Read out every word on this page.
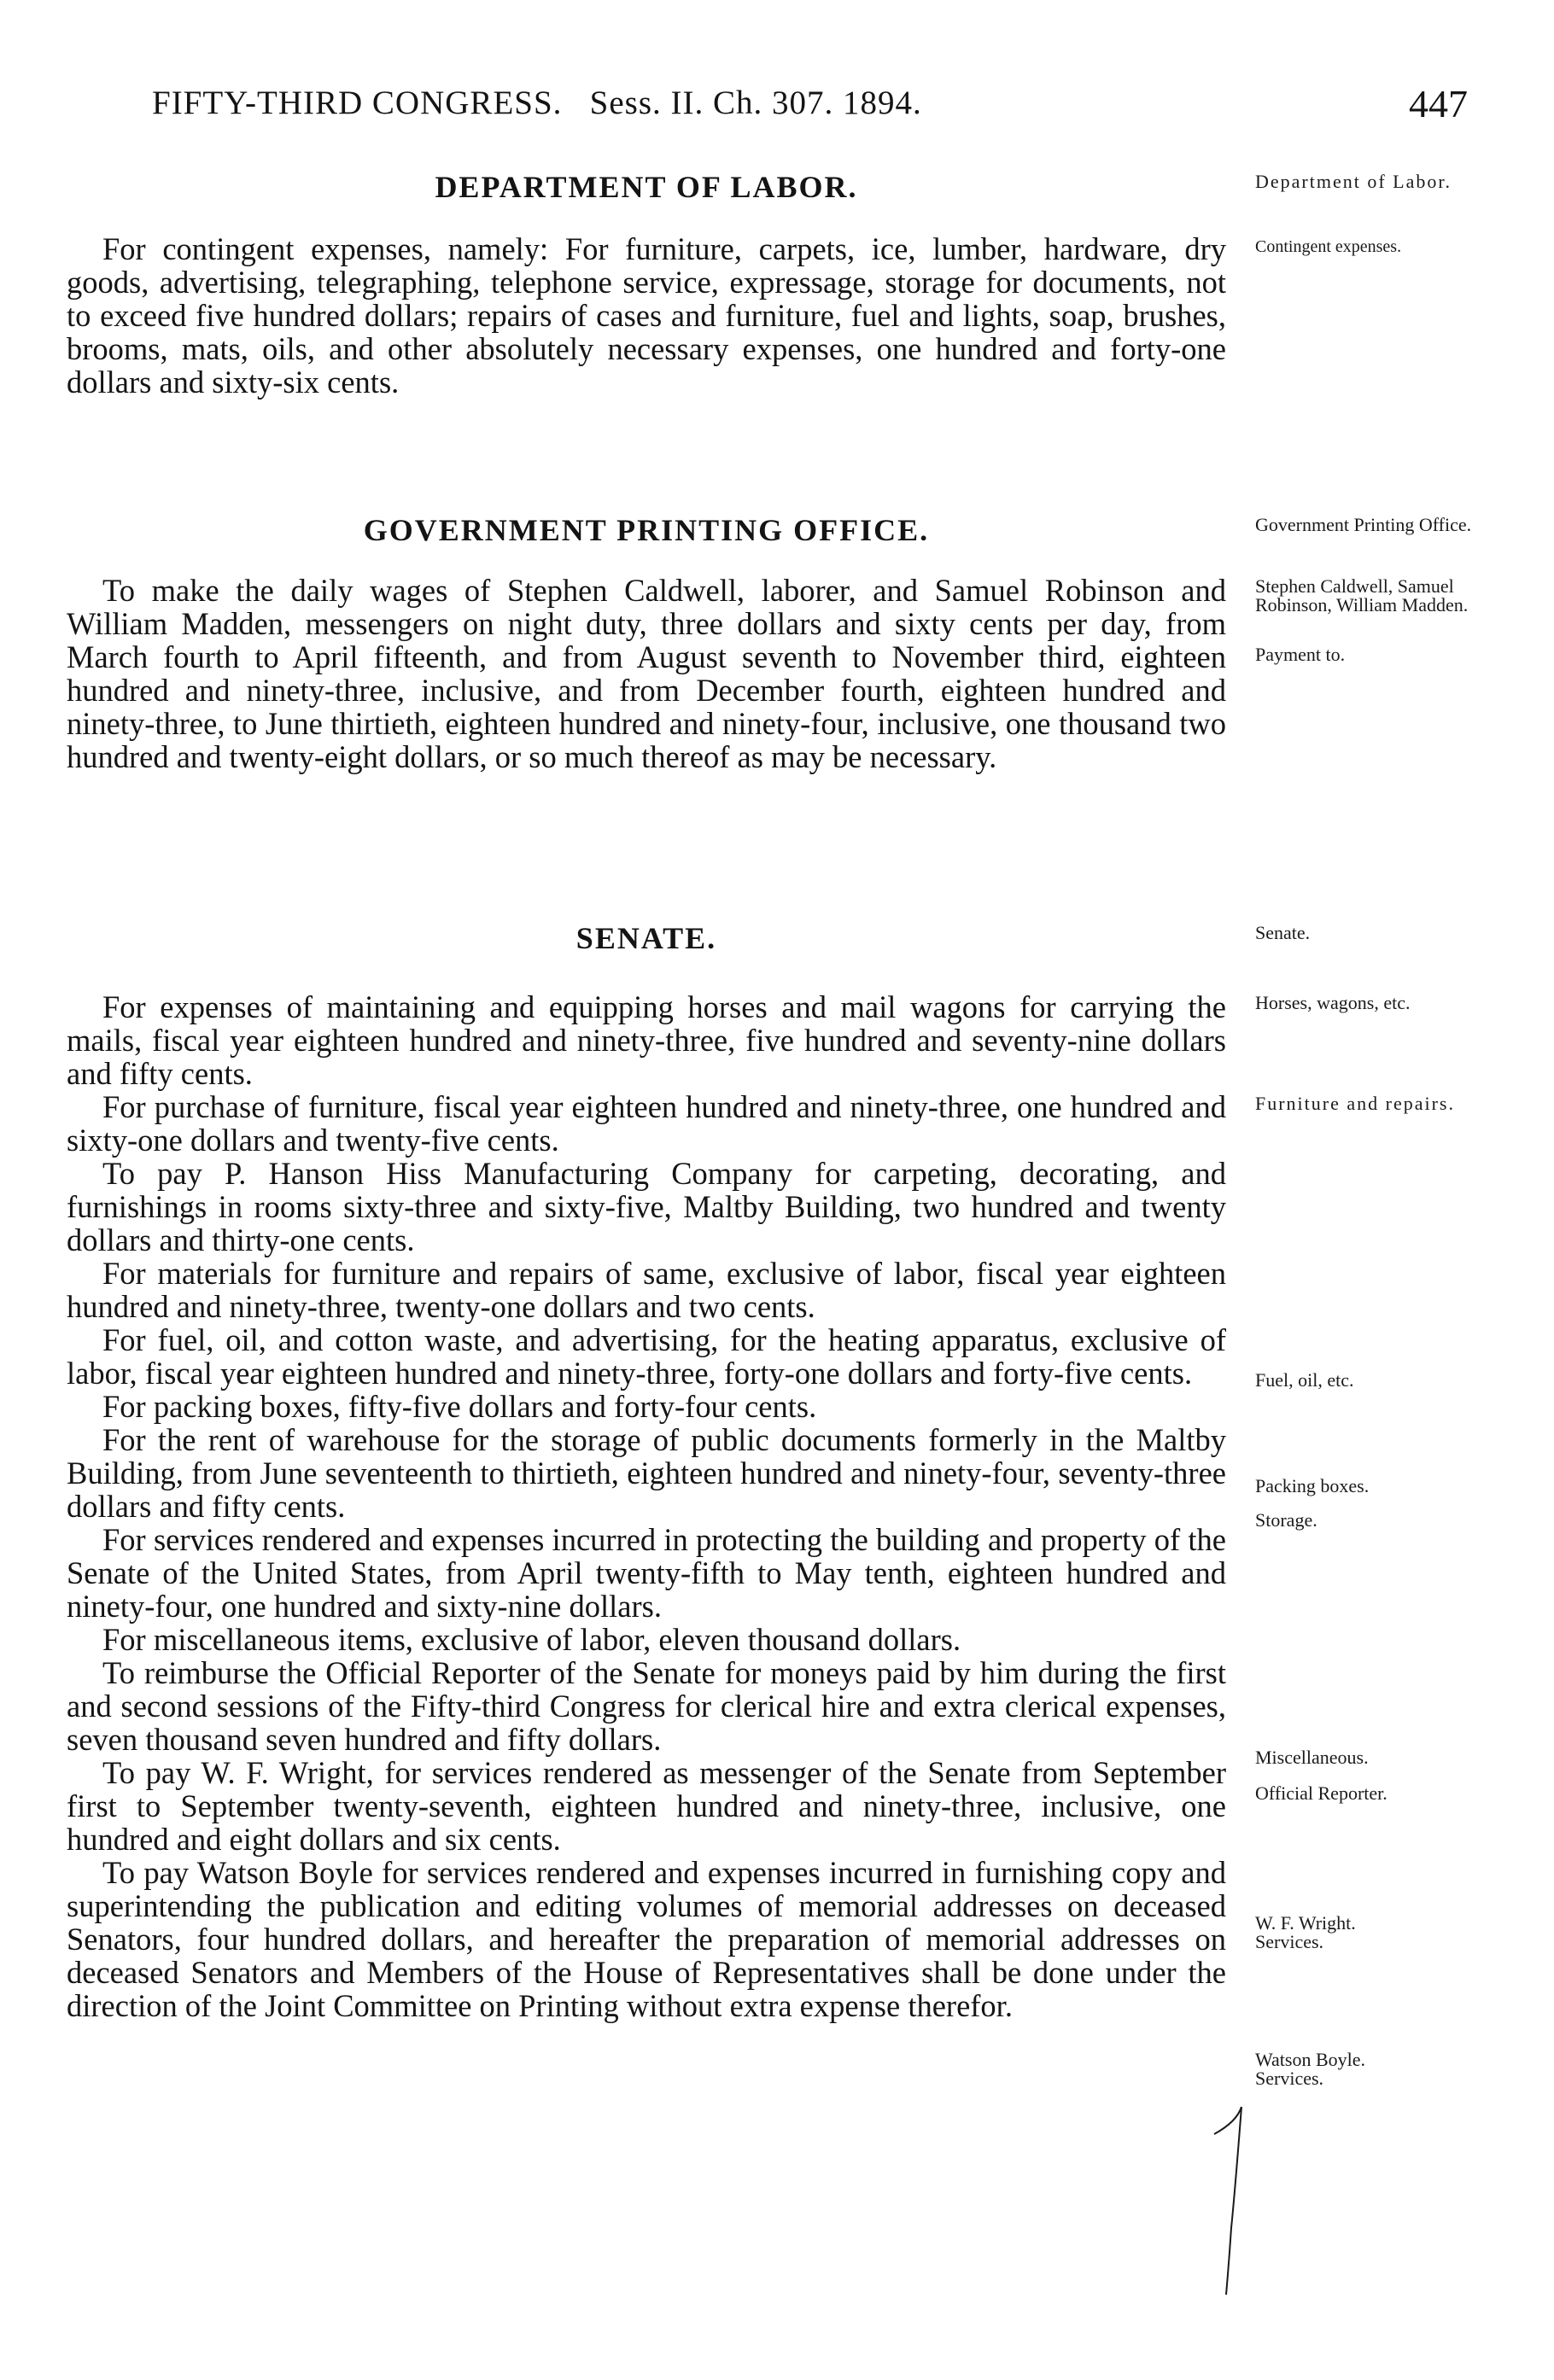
FIFTY-THIRD CONGRESS. Sess. II. Ch. 307. 1894.	447
DEPARTMENT OF LABOR.

For contingent expenses, namely: For furniture, carpets, ice, lumber, hardware, dry goods, advertising, telegraphing, telephone service, expressage, storage for documents, not to exceed five hundred dollars; repairs of cases and furniture, fuel and lights, soap, brushes, brooms, mats, oils, and other absolutely necessary expenses, one hundred and forty-one dollars and sixty-six cents.

GOVERNMENT PRINTING OFFICE.

To make the daily wages of Stephen Caldwell, laborer, and Samuel Robinson and William Madden, messengers on night duty, three dollars and sixty cents per day, from March fourth to April fifteenth, and from August seventh to November third, eighteen hundred and ninety-three, inclusive, and from December fourth, eighteen hundred and ninety-three, to June thirtieth, eighteen hundred and ninety-four, inclusive, one thousand two hundred and twenty-eight dollars, or so much thereof as may be necessary.

SENATE.

For expenses of maintaining and equipping horses and mail wagons for carrying the mails, fiscal year eighteen hundred and ninety-three, five hundred and seventy-nine dollars and fifty cents.

For purchase of furniture, fiscal year eighteen hundred and ninety-three, one hundred and sixty-one dollars and twenty-five cents.

To pay P. Hanson Hiss Manufacturing Company for carpeting, decorating, and furnishings in rooms sixty-three and sixty-five, Maltby Building, two hundred and twenty dollars and thirty-one cents.

For materials for furniture and repairs of same, exclusive of labor, fiscal year eighteen hundred and ninety-three, twenty-one dollars and two cents.

For fuel, oil, and cotton waste, and advertising, for the heating apparatus, exclusive of labor, fiscal year eighteen hundred and ninety-three, forty-one dollars and forty-five cents.

For packing boxes, fifty-five dollars and forty-four cents.

For the rent of warehouse for the storage of public documents formerly in the Maltby Building, from June seventeenth to thirtieth, eighteen hundred and ninety-four, seventy-three dollars and fifty cents.

For services rendered and expenses incurred in protecting the building and property of the Senate of the United States, from April twenty-fifth to May tenth, eighteen hundred and ninety-four, one hundred and sixty-nine dollars.

For miscellaneous items, exclusive of labor, eleven thousand dollars.

To reimburse the Official Reporter of the Senate for moneys paid by him during the first and second sessions of the Fifty-third Congress for clerical hire and extra clerical expenses, seven thousand seven hundred and fifty dollars.

To pay W. F. Wright, for services rendered as messenger of the Senate from September first to September twenty-seventh, eighteen hundred and ninety-three, inclusive, one hundred and eight dollars and six cents.

To pay Watson Boyle for services rendered and expenses incurred in furnishing copy and superintending the publication and editing volumes of memorial addresses on deceased Senators, four hundred dollars, and hereafter the preparation of memorial addresses on deceased Senators and Members of the House of Representatives shall be done under the direction of the Joint Committee on Printing without extra expense therefor.

Department of Labor.
Contingent expenses.
Government Printing Office.
Stephen Caldwell, Samuel Robinson, William Madden.
Payment to.
Senate.
Horses, wagons, etc.
Furniture and repairs.
Fuel, oil, etc.
Packing boxes.
Storage.
Miscellaneous.
Official Reporter.
W. F. Wright. Services.
Watson Boyle. Services.
